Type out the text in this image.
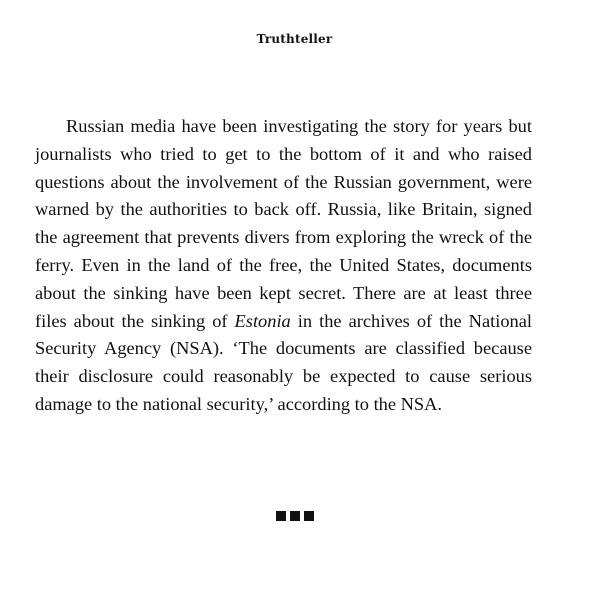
Truthteller

Russian media have been investigating the story for years but journalists who tried to get to the bottom of it and who raised questions about the involvement of the Russian government, were warned by the authorities to back off. Russia, like Britain, signed the agreement that prevents divers from exploring the wreck of the ferry. Even in the land of the free, the United States, documents about the sinking have been kept secret. There are at least three files about the sinking of Estonia in the archives of the National Security Agency (NSA). ‘The documents are classified because their disclosure could reasonably be expected to cause serious damage to the national security,’ according to the NSA.
